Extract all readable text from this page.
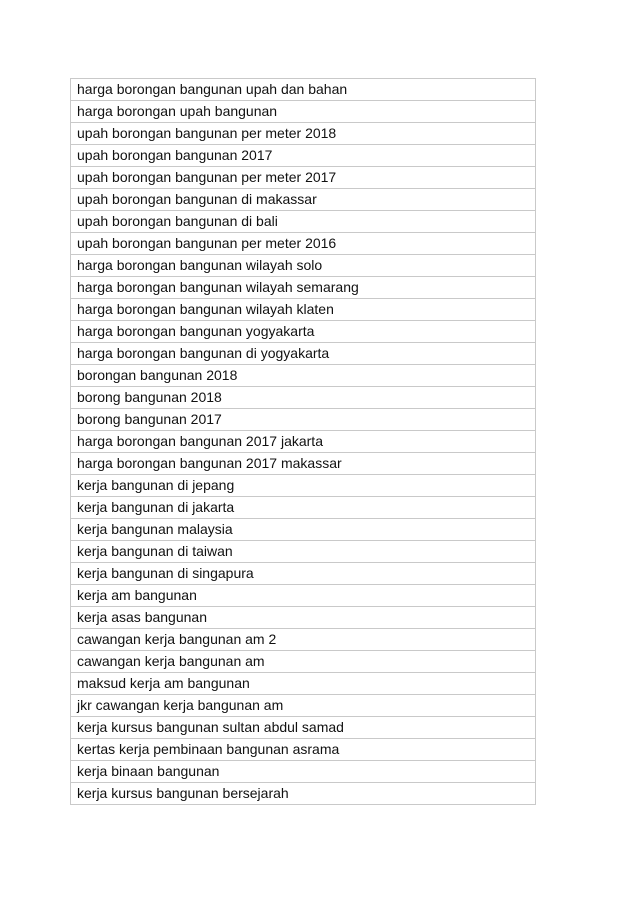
harga borongan bangunan upah dan bahan
harga borongan upah bangunan
upah borongan bangunan per meter 2018
upah borongan bangunan 2017
upah borongan bangunan per meter 2017
upah borongan bangunan di makassar
upah borongan bangunan di bali
upah borongan bangunan per meter 2016
harga borongan bangunan wilayah solo
harga borongan bangunan wilayah semarang
harga borongan bangunan wilayah klaten
harga borongan bangunan yogyakarta
harga borongan bangunan di yogyakarta
borongan bangunan 2018
borong bangunan 2018
borong bangunan 2017
harga borongan bangunan 2017 jakarta
harga borongan bangunan 2017 makassar
kerja bangunan di jepang
kerja bangunan di jakarta
kerja bangunan malaysia
kerja bangunan di taiwan
kerja bangunan di singapura
kerja am bangunan
kerja asas bangunan
cawangan kerja bangunan am 2
cawangan kerja bangunan am
maksud kerja am bangunan
jkr cawangan kerja bangunan am
kerja kursus bangunan sultan abdul samad
kertas kerja pembinaan bangunan asrama
kerja binaan bangunan
kerja kursus bangunan bersejarah
